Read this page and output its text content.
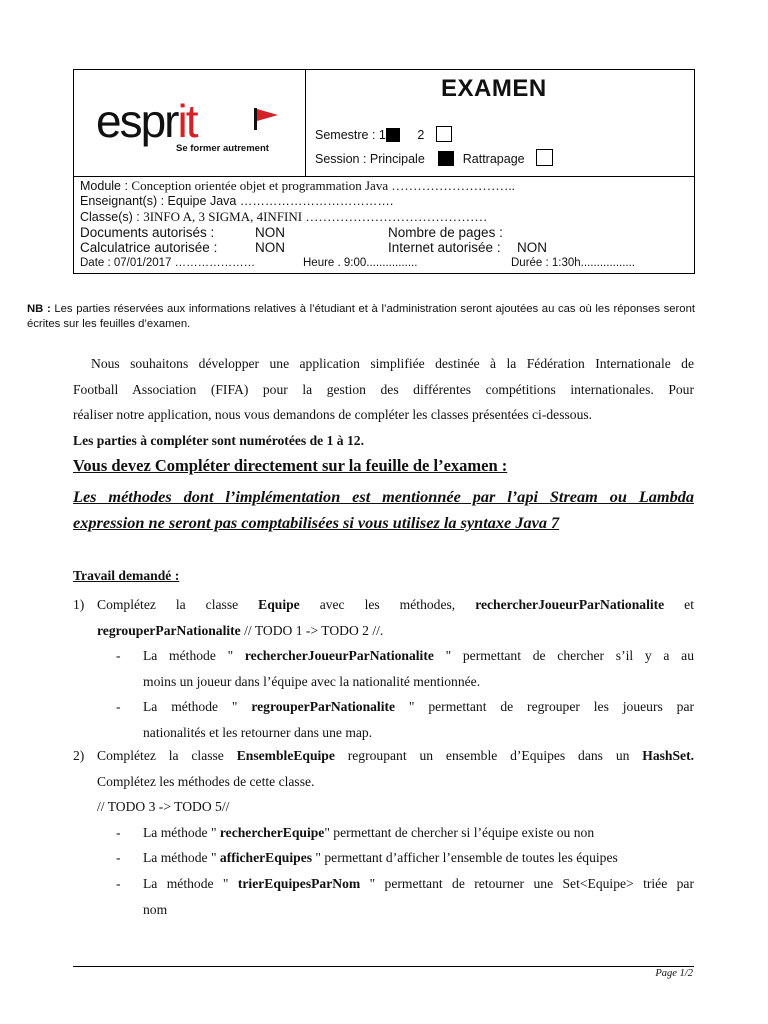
esprit
Se former autrement
EXAMEN
Semestre : 1	2
Session : Principale	Rattrapage
Module : Conception orientée objet et programmation Java ………………………..
Enseignant(s) : Equipe Java ……………………………….
Classe(s) : 3INFO A, 3 SIGMA, 4INFINI ……………………………………
Documents autorisés :	NON	Nombre de pages :
Calculatrice autorisée :	NON	Internet autorisée : NON
Date : 07/01/2017 …………………	Heure . 9:00................	Durée : 1:30h.................
NB : Les parties réservées aux informations relatives à l’étudiant et à l’administration seront ajoutées au cas où les réponses seront écrites sur les feuilles d’examen.
Nous souhaitons développer une application simplifiée destinée à la Fédération Internationale de
Football Association (FIFA) pour la gestion des différentes compétitions internationales. Pour
réaliser notre application, nous vous demandons de compléter les classes présentées ci-dessous.
Les parties à compléter sont numérotées de 1 à 12.
Vous devez Compléter directement sur la feuille de l’examen :
Les méthodes dont l’implémentation est mentionnée par l’api Stream ou Lambda
expression ne seront pas comptabilisées si vous utilisez la syntaxe Java 7
Travail demandé :
1) Complétez la classe Equipe avec les méthodes, rechercherJoueurParNationalite et
regrouperParNationalite // TODO 1 -> TODO 2 //.
- La méthode " rechercherJoueurParNationalite " permettant de chercher s’il y a au
moins un joueur dans l’équipe avec la nationalité mentionnée.
- La méthode " regrouperParNationalite " permettant de regrouper les joueurs par
nationalités et les retourner dans une map.
2) Complétez la classe EnsembleEquipe regroupant un ensemble d’Equipes dans un HashSet.
Complétez les méthodes de cette classe.
// TODO 3 -> TODO 5//
- La méthode " rechercherEquipe" permettant de chercher si l’équipe existe ou non
- La méthode " afficherEquipes " permettant d’afficher l’ensemble de toutes les équipes
- La méthode " trierEquipesParNom " permettant de retourner une Set<Equipe> triée par
nom
Page 1/2
